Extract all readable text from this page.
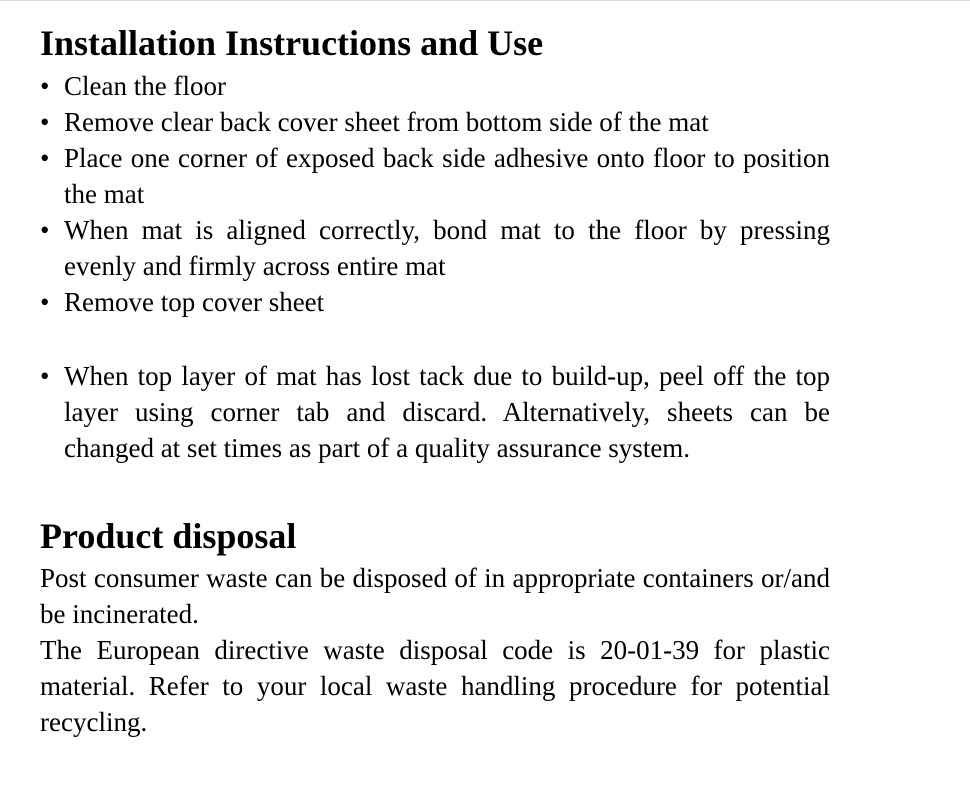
Installation Instructions and Use
• Clean the floor
• Remove clear back cover sheet from bottom side of the mat
• Place one corner of exposed back side adhesive onto floor to position the mat
• When mat is aligned correctly, bond mat to the floor by pressing evenly and firmly across entire mat
• Remove top cover sheet
• When top layer of mat has lost tack due to build-up, peel off the top layer using corner tab and discard. Alternatively, sheets can be changed at set times as part of a quality assurance system.
Product disposal

Post consumer waste can be disposed of in appropriate containers or/and be incinerated.

The European directive waste disposal code is 20-01-39 for plastic material. Refer to your local waste handling procedure for potential recycling.
